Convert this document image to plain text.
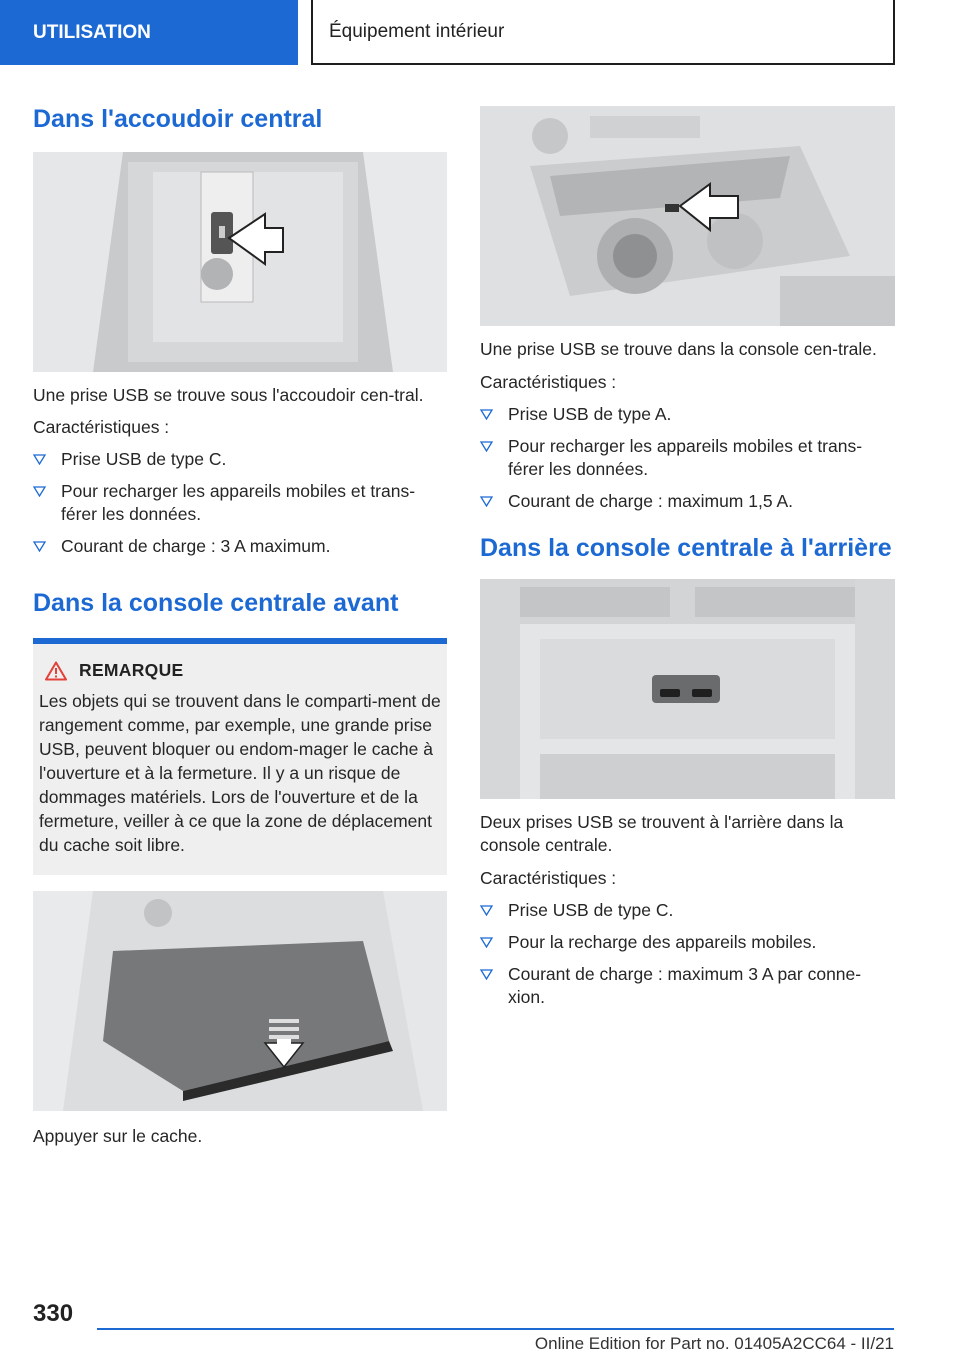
UTILISATION	Équipement intérieur
Dans l'accoudoir central

Une prise USB se trouve sous l'accoudoir cen-tral.

Caractéristiques :

Prise USB de type C.
Pour recharger les appareils mobiles et trans-férer les données.
Courant de charge : 3 A maximum.
Dans la console centrale avant
REMARQUE

Les objets qui se trouvent dans le comparti-ment de rangement comme, par exemple, une grande prise USB, peuvent bloquer ou endom-mager le cache à l'ouverture et à la fermeture. Il y a un risque de dommages matériels. Lors de l'ouverture et de la fermeture, veiller à ce que la zone de déplacement du cache soit libre.

Appuyer sur le cache.

Une prise USB se trouve dans la console cen-trale.

Caractéristiques :

Prise USB de type A.
Pour recharger les appareils mobiles et trans-férer les données.
Courant de charge : maximum 1,5 A.
Dans la console centrale à l'arrière

Deux prises USB se trouvent à l'arrière dans la console centrale.

Caractéristiques :

Prise USB de type C.
Pour la recharge des appareils mobiles.
Courant de charge : maximum 3 A par conne-xion.
330
Online Edition for Part no. 01405A2CC64 - II/21
